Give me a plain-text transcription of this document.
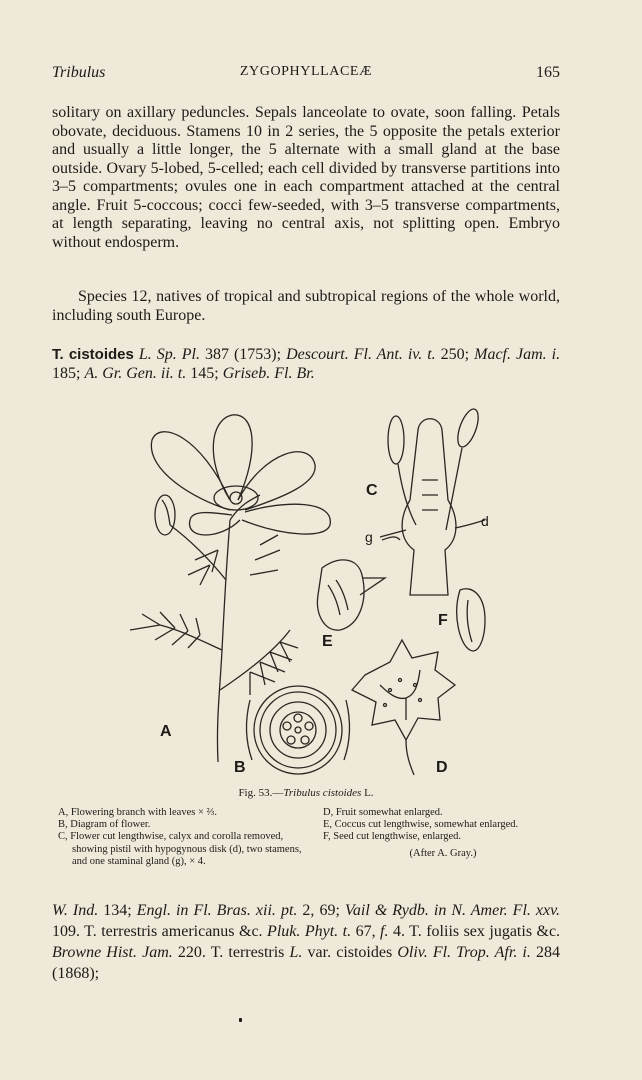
Tribulus	ZYGOPHYLLACEÆ	165
solitary on axillary peduncles. Sepals lanceolate to ovate, soon falling. Petals obovate, deciduous. Stamens 10 in 2 series, the 5 opposite the petals exterior and usually a little longer, the 5 alternate with a small gland at the base outside. Ovary 5-lobed, 5-celled; each cell divided by transverse partitions into 3–5 compartments; ovules one in each compartment attached at the central angle. Fruit 5-coccous; cocci few-seeded, with 3–5 transverse compartments, at length separating, leaving no central axis, not splitting open. Embryo without endosperm.
Species 12, natives of tropical and subtropical regions of the whole world, including south Europe.
T. cistoides L. Sp. Pl. 387 (1753); Descourt. Fl. Ant. iv. t. 250; Macf. Jam. i. 185; A. Gr. Gen. ii. t. 145; Griseb. Fl. Br.
A
B
C
g
d
E
F
D
Fig. 53.—Tribulus cistoides L.
A, Flowering branch with leaves × ⅔.
B, Diagram of flower.
C, Flower cut lengthwise, calyx and corolla removed, showing pistil with hypogynous disk (d), two stamens, and one staminal gland (g), × 4.
D, Fruit somewhat enlarged.
E, Coccus cut lengthwise, somewhat enlarged.
F, Seed cut lengthwise, enlarged.
(After A. Gray.)
W. Ind. 134; Engl. in Fl. Bras. xii. pt. 2, 69; Vail & Rydb. in N. Amer. Fl. xxv. 109. T. terrestris americanus &c. Pluk. Phyt. t. 67, f. 4. T. foliis sex jugatis &c. Browne Hist. Jam. 220. T. terrestris L. var. cistoides Oliv. Fl. Trop. Afr. i. 284 (1868);
